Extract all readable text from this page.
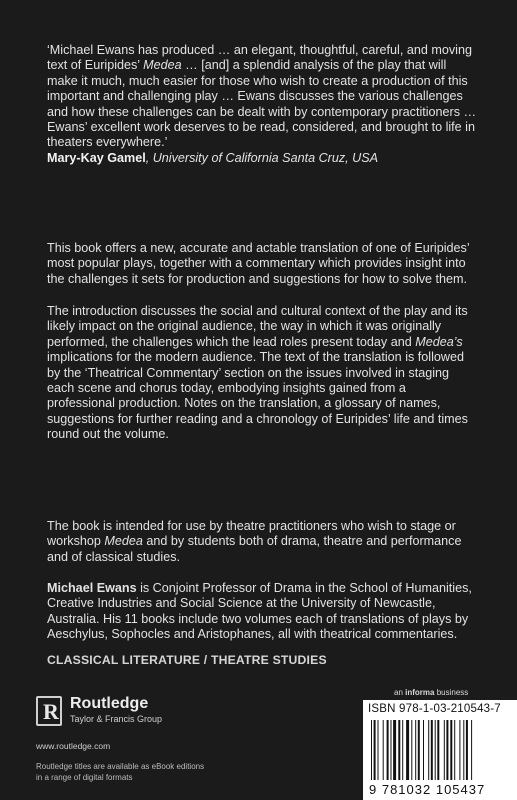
‘Michael Ewans has produced … an elegant, thoughtful, careful, and moving text of Euripides’ Medea … [and] a splendid analysis of the play that will make it much, much easier for those who wish to create a production of this important and challenging play … Ewans discusses the various challenges and how these challenges can be dealt with by contemporary practitioners … Ewans’ excellent work deserves to be read, considered, and brought to life in theaters everywhere.’
Mary-Kay Gamel, University of California Santa Cruz, USA
This book offers a new, accurate and actable translation of one of Euripides’ most popular plays, together with a commentary which provides insight into the challenges it sets for production and suggestions for how to solve them.
The introduction discusses the social and cultural context of the play and its likely impact on the original audience, the way in which it was originally performed, the challenges which the lead roles present today and Medea’s implications for the modern audience. The text of the translation is followed by the ‘Theatrical Commentary’ section on the issues involved in staging each scene and chorus today, embodying insights gained from a professional production. Notes on the translation, a glossary of names, suggestions for further reading and a chronology of Euripides’ life and times round out the volume.
The book is intended for use by theatre practitioners who wish to stage or workshop Medea and by students both of drama, theatre and performance and of classical studies.
Michael Ewans is Conjoint Professor of Drama in the School of Humanities, Creative Industries and Social Science at the University of Newcastle, Australia. His 11 books include two volumes each of translations of plays by Aeschylus, Sophocles and Aristophanes, all with theatrical commentaries.
CLASSICAL LITERATURE / THEATRE STUDIES
R Routledge
Taylor & Francis Group
www.routledge.com
Routledge titles are available as eBook editions in a range of digital formats
an informa business
ISBN 978-1-03-210543-7
9 781032 105437
